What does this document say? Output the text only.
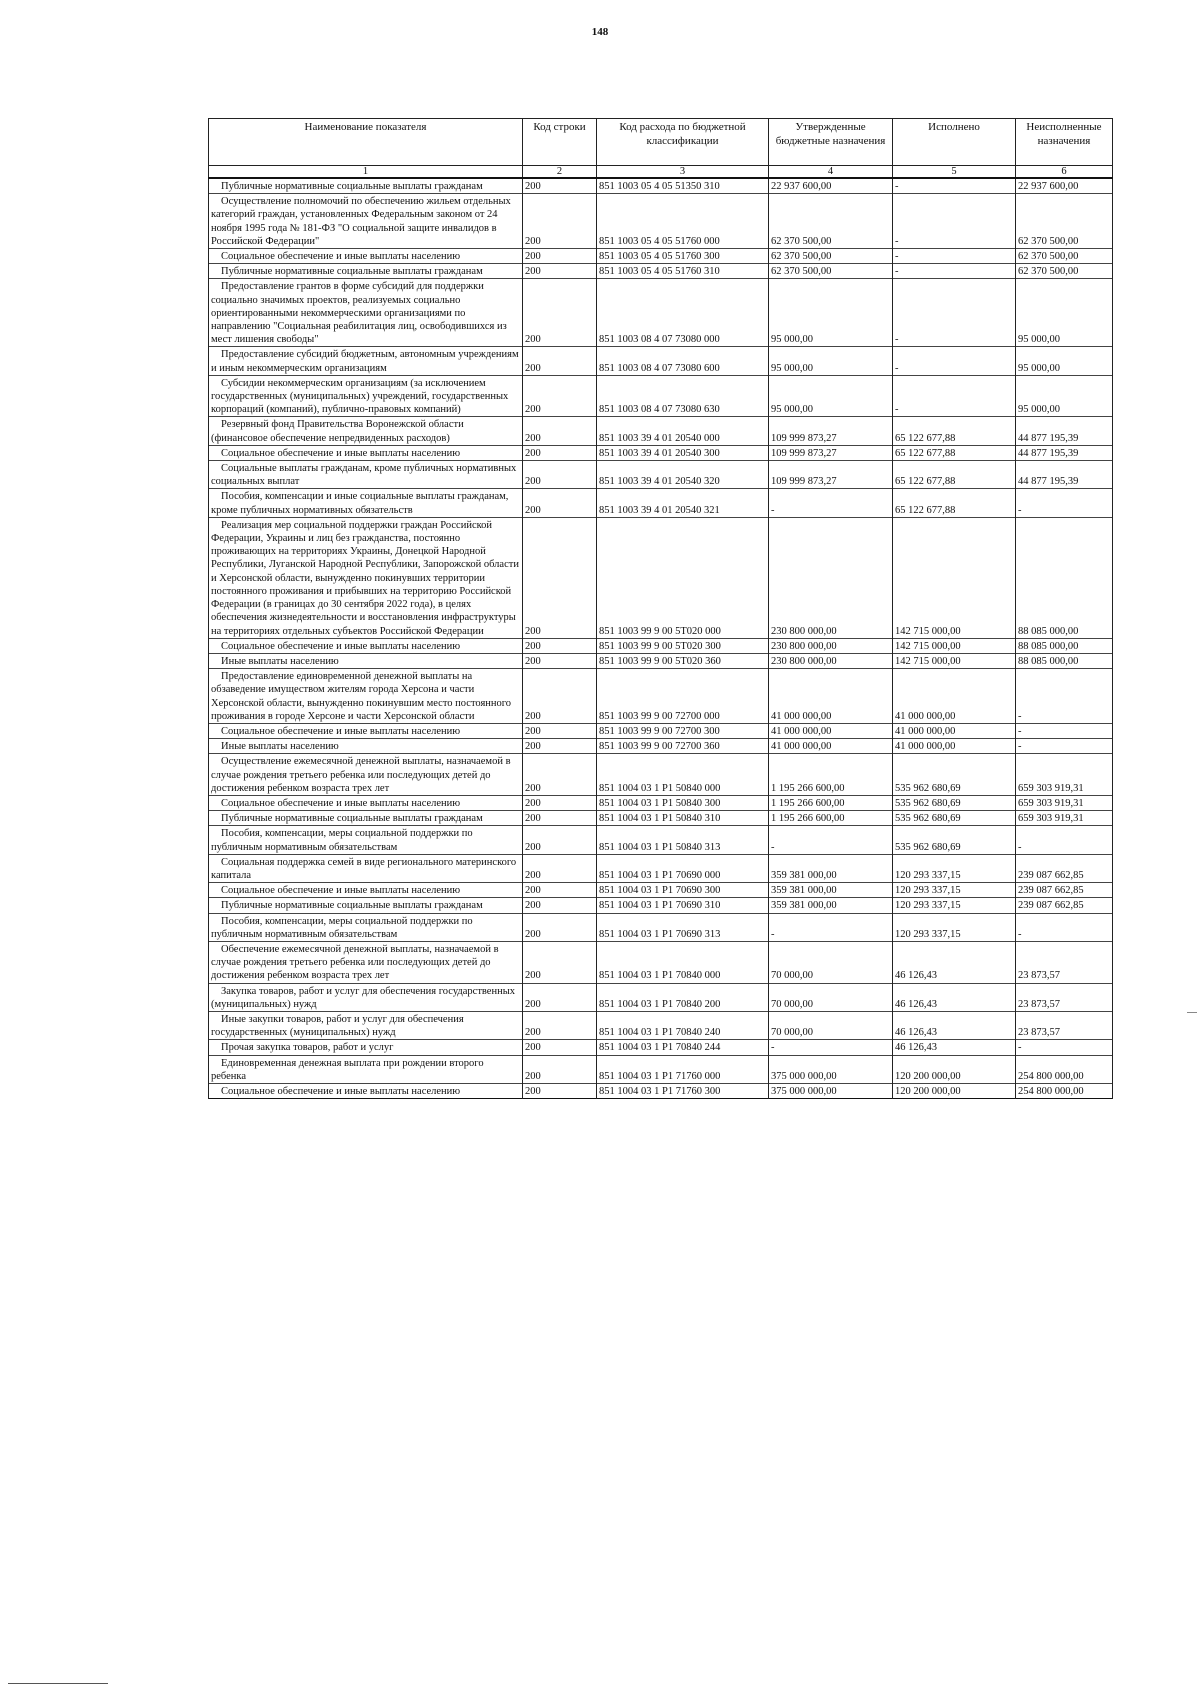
148
Наименование показателя	Код строки	Код расхода по бюджетной классификации	Утвержденные бюджетные назначения	Исполнено	Неисполненные назначения
1	2	3	4	5	6

Публичные нормативные социальные выплаты гражданам	200	851 1003 05 4 05 51350 310	22 937 600,00	-	22 937 600,00

Осуществление полномочий по обеспечению жильем отдельных категорий граждан, установленных Федеральным законом от 24 ноября 1995 года № 181-ФЗ "О социальной защите инвалидов в Российской Федерации"	200	851 1003 05 4 05 51760 000	62 370 500,00	-	62 370 500,00

Социальное обеспечение и иные выплаты населению	200	851 1003 05 4 05 51760 300	62 370 500,00	-	62 370 500,00

Публичные нормативные социальные выплаты гражданам	200	851 1003 05 4 05 51760 310	62 370 500,00	-	62 370 500,00

Предоставление грантов в форме субсидий для поддержки социально значимых проектов, реализуемых социально ориентированными некоммерческими организациями по направлению "Социальная реабилитация лиц, освободившихся из мест лишения свободы"	200	851 1003 08 4 07 73080 000	95 000,00	-	95 000,00

Предоставление субсидий бюджетным, автономным учреждениям и иным некоммерческим организациям	200	851 1003 08 4 07 73080 600	95 000,00	-	95 000,00

Субсидии некоммерческим организациям (за исключением государственных (муниципальных) учреждений, государственных корпораций (компаний), публично-правовых компаний)	200	851 1003 08 4 07 73080 630	95 000,00	-	95 000,00

Резервный фонд Правительства Воронежской области (финансовое обеспечение непредвиденных расходов)	200	851 1003 39 4 01 20540 000	109 999 873,27	65 122 677,88	44 877 195,39

Социальное обеспечение и иные выплаты населению	200	851 1003 39 4 01 20540 300	109 999 873,27	65 122 677,88	44 877 195,39

Социальные выплаты гражданам, кроме публичных нормативных социальных выплат	200	851 1003 39 4 01 20540 320	109 999 873,27	65 122 677,88	44 877 195,39

Пособия, компенсации и иные социальные выплаты гражданам, кроме публичных нормативных обязательств	200	851 1003 39 4 01 20540 321	-	65 122 677,88	-

Реализация мер социальной поддержки граждан Российской Федерации, Украины и лиц без гражданства, постоянно проживающих на территориях Украины, Донецкой Народной Республики, Луганской Народной Республики, Запорожской области и Херсонской области, вынужденно покинувших территории постоянного проживания и прибывших на территорию Российской Федерации (в границах до 30 сентября 2022 года), в целях обеспечения жизнедеятельности и восстановления инфраструктуры на территориях отдельных субъектов Российской Федерации	200	851 1003 99 9 00 5Т020 000	230 800 000,00	142 715 000,00	88 085 000,00

Социальное обеспечение и иные выплаты населению	200	851 1003 99 9 00 5Т020 300	230 800 000,00	142 715 000,00	88 085 000,00

Иные выплаты населению	200	851 1003 99 9 00 5Т020 360	230 800 000,00	142 715 000,00	88 085 000,00

Предоставление единовременной денежной выплаты на обзаведение имуществом жителям города Херсона и части Херсонской области, вынужденно покинувшим место постоянного проживания в городе Херсоне и части Херсонской области	200	851 1003 99 9 00 72700 000	41 000 000,00	41 000 000,00	-

Социальное обеспечение и иные выплаты населению	200	851 1003 99 9 00 72700 300	41 000 000,00	41 000 000,00	-

Иные выплаты населению	200	851 1003 99 9 00 72700 360	41 000 000,00	41 000 000,00	-

Осуществление ежемесячной денежной выплаты, назначаемой в случае рождения третьего ребенка или последующих детей до достижения ребенком возраста трех лет	200	851 1004 03 1 Р1 50840 000	1 195 266 600,00	535 962 680,69	659 303 919,31

Социальное обеспечение и иные выплаты населению	200	851 1004 03 1 Р1 50840 300	1 195 266 600,00	535 962 680,69	659 303 919,31

Публичные нормативные социальные выплаты гражданам	200	851 1004 03 1 Р1 50840 310	1 195 266 600,00	535 962 680,69	659 303 919,31

Пособия, компенсации, меры социальной поддержки по публичным нормативным обязательствам	200	851 1004 03 1 Р1 50840 313	-	535 962 680,69	-

Социальная поддержка семей в виде регионального материнского капитала	200	851 1004 03 1 Р1 70690 000	359 381 000,00	120 293 337,15	239 087 662,85

Социальное обеспечение и иные выплаты населению	200	851 1004 03 1 Р1 70690 300	359 381 000,00	120 293 337,15	239 087 662,85

Публичные нормативные социальные выплаты гражданам	200	851 1004 03 1 Р1 70690 310	359 381 000,00	120 293 337,15	239 087 662,85

Пособия, компенсации, меры социальной поддержки по публичным нормативным обязательствам	200	851 1004 03 1 Р1 70690 313	-	120 293 337,15	-

Обеспечение ежемесячной денежной выплаты, назначаемой в случае рождения третьего ребенка или последующих детей до достижения ребенком возраста трех лет	200	851 1004 03 1 Р1 70840 000	70 000,00	46 126,43	23 873,57

Закупка товаров, работ и услуг для обеспечения государственных (муниципальных) нужд	200	851 1004 03 1 Р1 70840 200	70 000,00	46 126,43	23 873,57

Иные закупки товаров, работ и услуг для обеспечения государственных (муниципальных) нужд	200	851 1004 03 1 Р1 70840 240	70 000,00	46 126,43	23 873,57

Прочая закупка товаров, работ и услуг	200	851 1004 03 1 Р1 70840 244	-	46 126,43	-

Единовременная денежная выплата при рождении второго ребенка	200	851 1004 03 1 Р1 71760 000	375 000 000,00	120 200 000,00	254 800 000,00

Социальное обеспечение и иные выплаты населению	200	851 1004 03 1 Р1 71760 300	375 000 000,00	120 200 000,00	254 800 000,00
